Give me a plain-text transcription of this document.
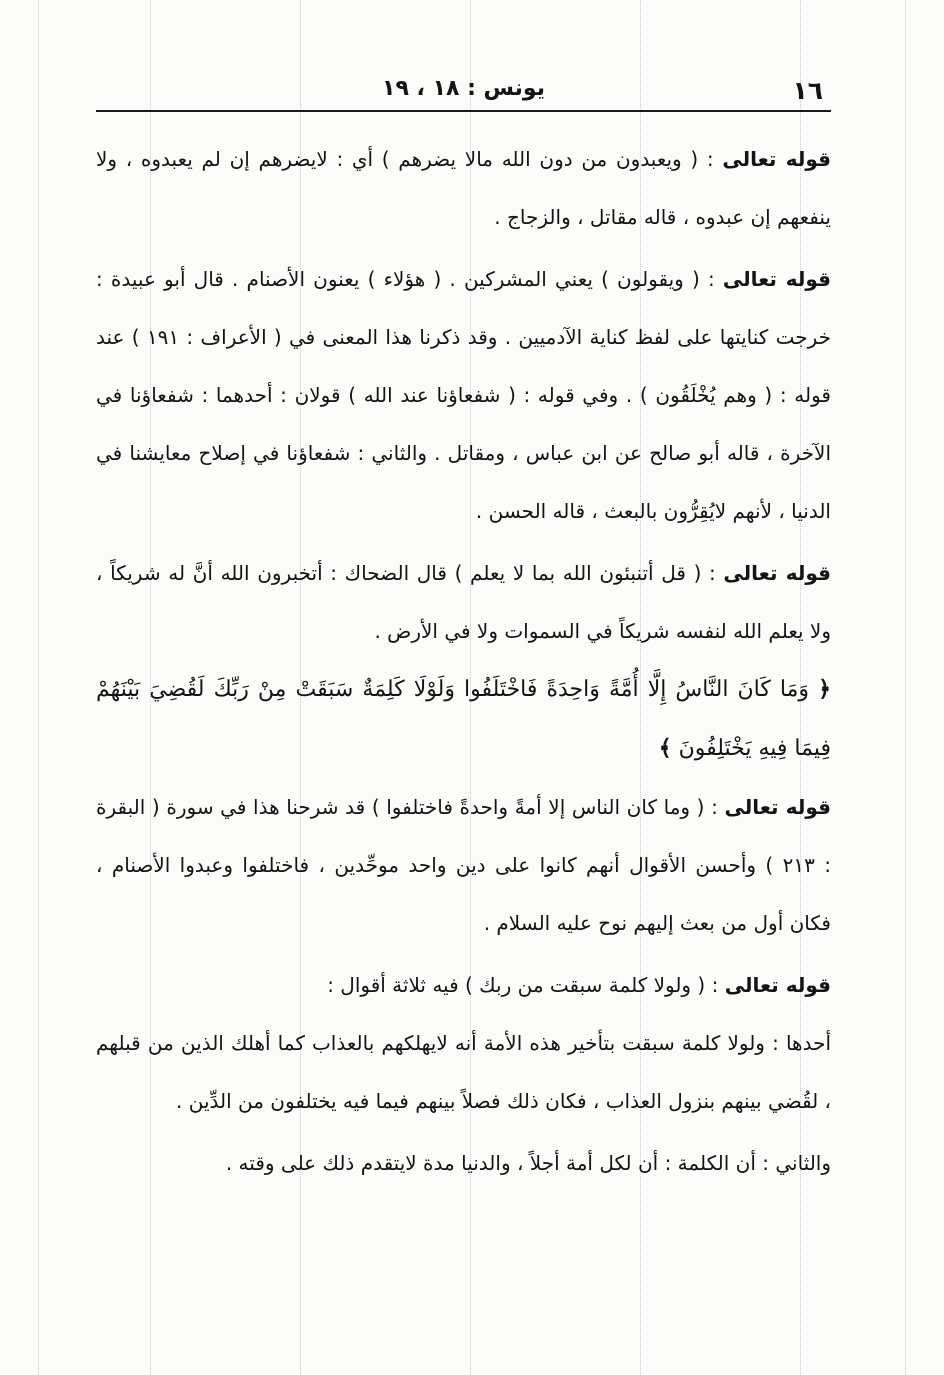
١٦
يونس : ١٨ ، ١٩

قوله تعالى : ( ويعبدون من دون الله مالا يضرهم ) أي : لايضرهم إن لم يعبدوه ، ولا ينفعهم إن عبدوه ، قاله مقاتل ، والزجاج .

قوله تعالى : ( ويقولون ) يعني المشركين . ( هؤلاء ) يعنون الأصنام . قال أبو عبيدة : خرجت كنايتها على لفظ كناية الآدميين . وقد ذكرنا هذا المعنى في ( الأعراف : ١٩١ ) عند قوله : ( وهم يُخْلَقُون ) . وفي قوله : ( شفعاؤنا عند الله ) قولان : أحدهما : شفعاؤنا في الآخرة ، قاله أبو صالح عن ابن عباس ، ومقاتل . والثاني : شفعاؤنا في إصلاح معايشنا في الدنيا ، لأنهم لايُقِرُّون بالبعث ، قاله الحسن .

قوله تعالى : ( قل أتنبئون الله بما لا يعلم ) قال الضحاك : أتخبرون الله أنَّ له شريكاً ، ولا يعلم الله لنفسه شريكاً في السموات ولا في الأرض .

﴿ وَمَا كَانَ النَّاسُ إِلَّا أُمَّةً وَاحِدَةً فَاخْتَلَفُوا وَلَوْلَا كَلِمَةٌ سَبَقَتْ مِنْ رَبِّكَ لَقُضِيَ بَيْنَهُمْ فِيمَا فِيهِ يَخْتَلِفُونَ ﴾

قوله تعالى : ( وما كان الناس إلا أمةً واحدةً فاختلفوا ) قد شرحنا هذا في سورة ( البقرة : ٢١٣ ) وأحسن الأقوال أنهم كانوا على دين واحد موحِّدين ، فاختلفوا وعبدوا الأصنام ، فكان أول من بعث إليهم نوح عليه السلام .

قوله تعالى : ( ولولا كلمة سبقت من ربك ) فيه ثلاثة أقوال :

أحدها : ولولا كلمة سبقت بتأخير هذه الأمة أنه لايهلكهم بالعذاب كما أهلك الذين من قبلهم ، لقُضي بينهم بنزول العذاب ، فكان ذلك فصلاً بينهم فيما فيه يختلفون من الدِّين .

والثاني : أن الكلمة : أن لكل أمة أجلاً ، والدنيا مدة لايتقدم ذلك على وقته .
